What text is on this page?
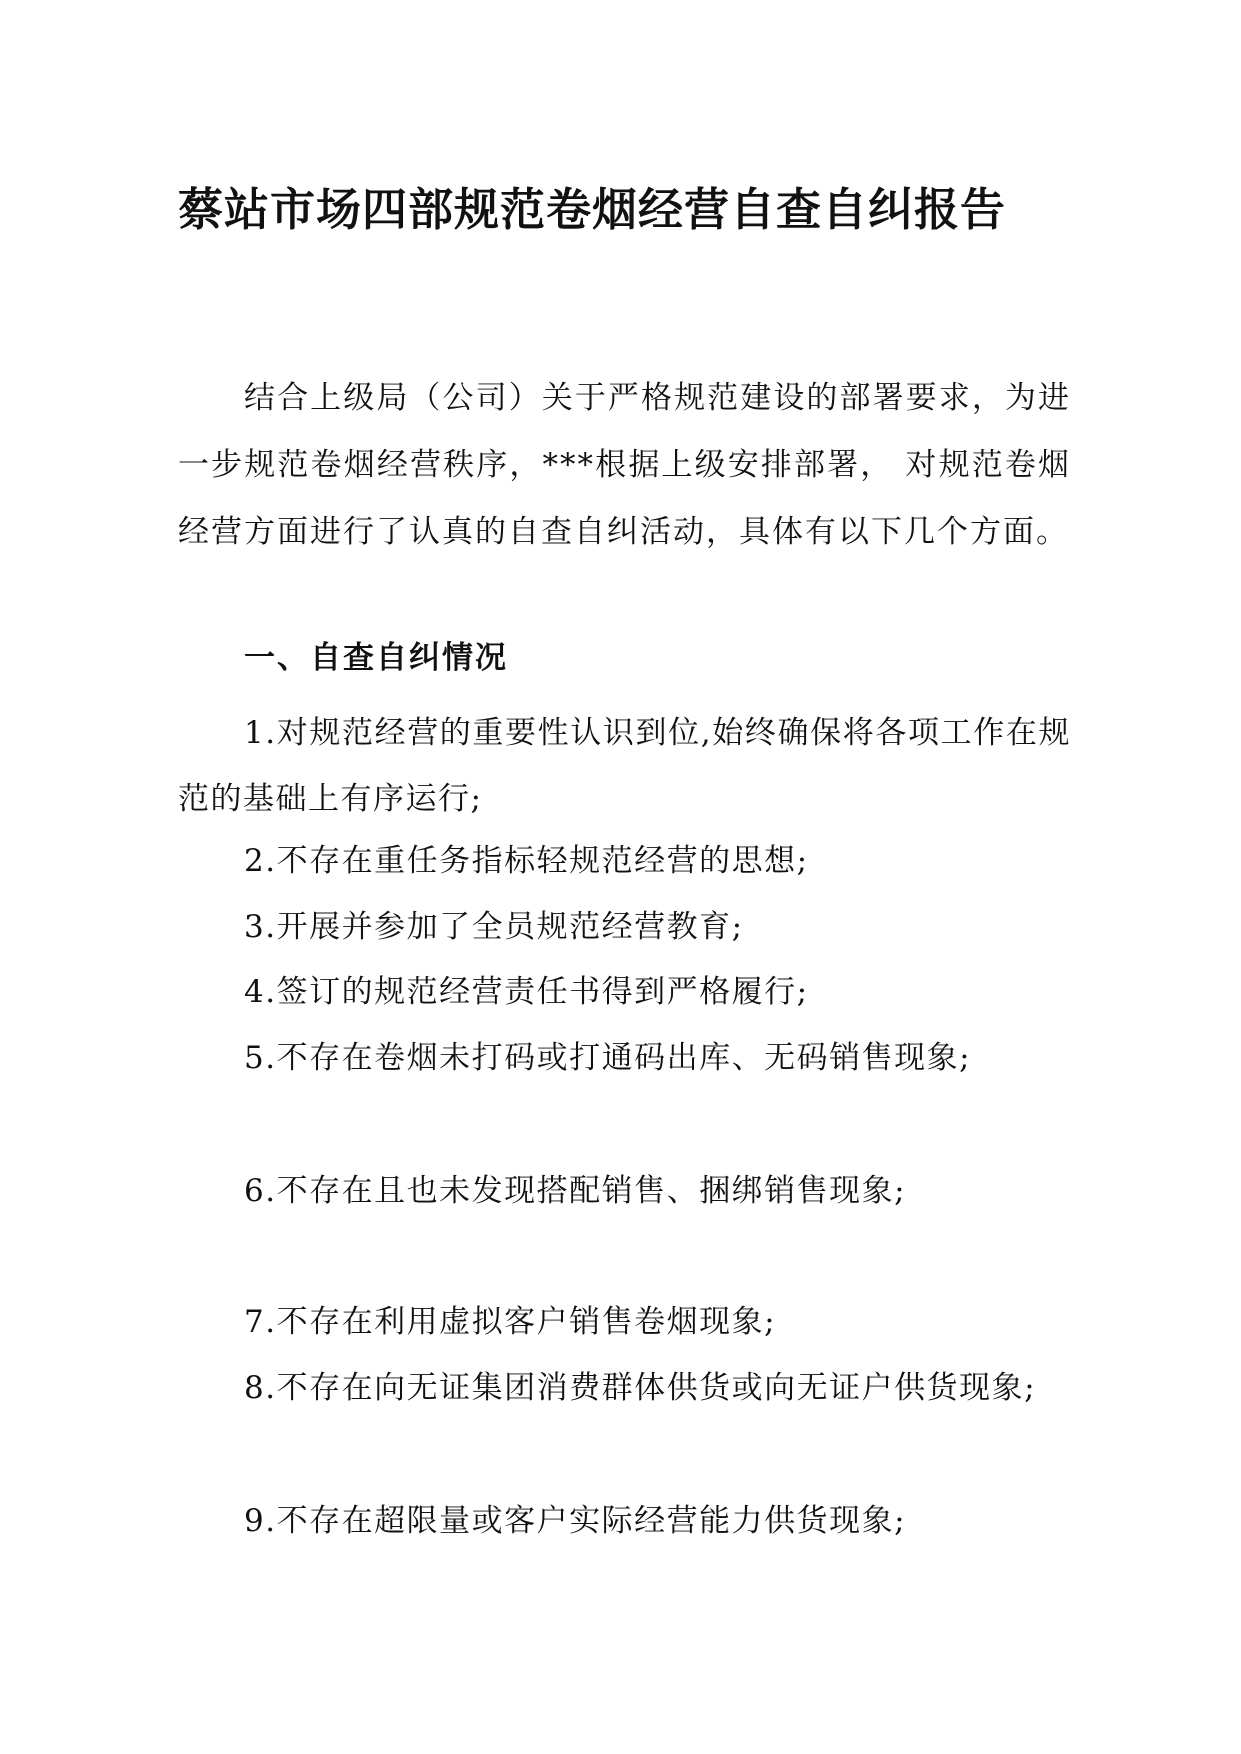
蔡站市场四部规范卷烟经营自查自纠报告

结合上级局（公司）关于严格规范建设的部署要求，为进一步规范卷烟经营秩序，***根据上级安排部署， 对规范卷烟经营方面进行了认真的自查自纠活动，具体有以下几个方面。

一、自查自纠情况

1.对规范经营的重要性认识到位,始终确保将各项工作在规范的基础上有序运行;

2.不存在重任务指标轻规范经营的思想;

3.开展并参加了全员规范经营教育;

4.签订的规范经营责任书得到严格履行;

5.不存在卷烟未打码或打通码出库、无码销售现象;

6.不存在且也未发现搭配销售、捆绑销售现象;

7.不存在利用虚拟客户销售卷烟现象;

8.不存在向无证集团消费群体供货或向无证户供货现象;

9.不存在超限量或客户实际经营能力供货现象;
